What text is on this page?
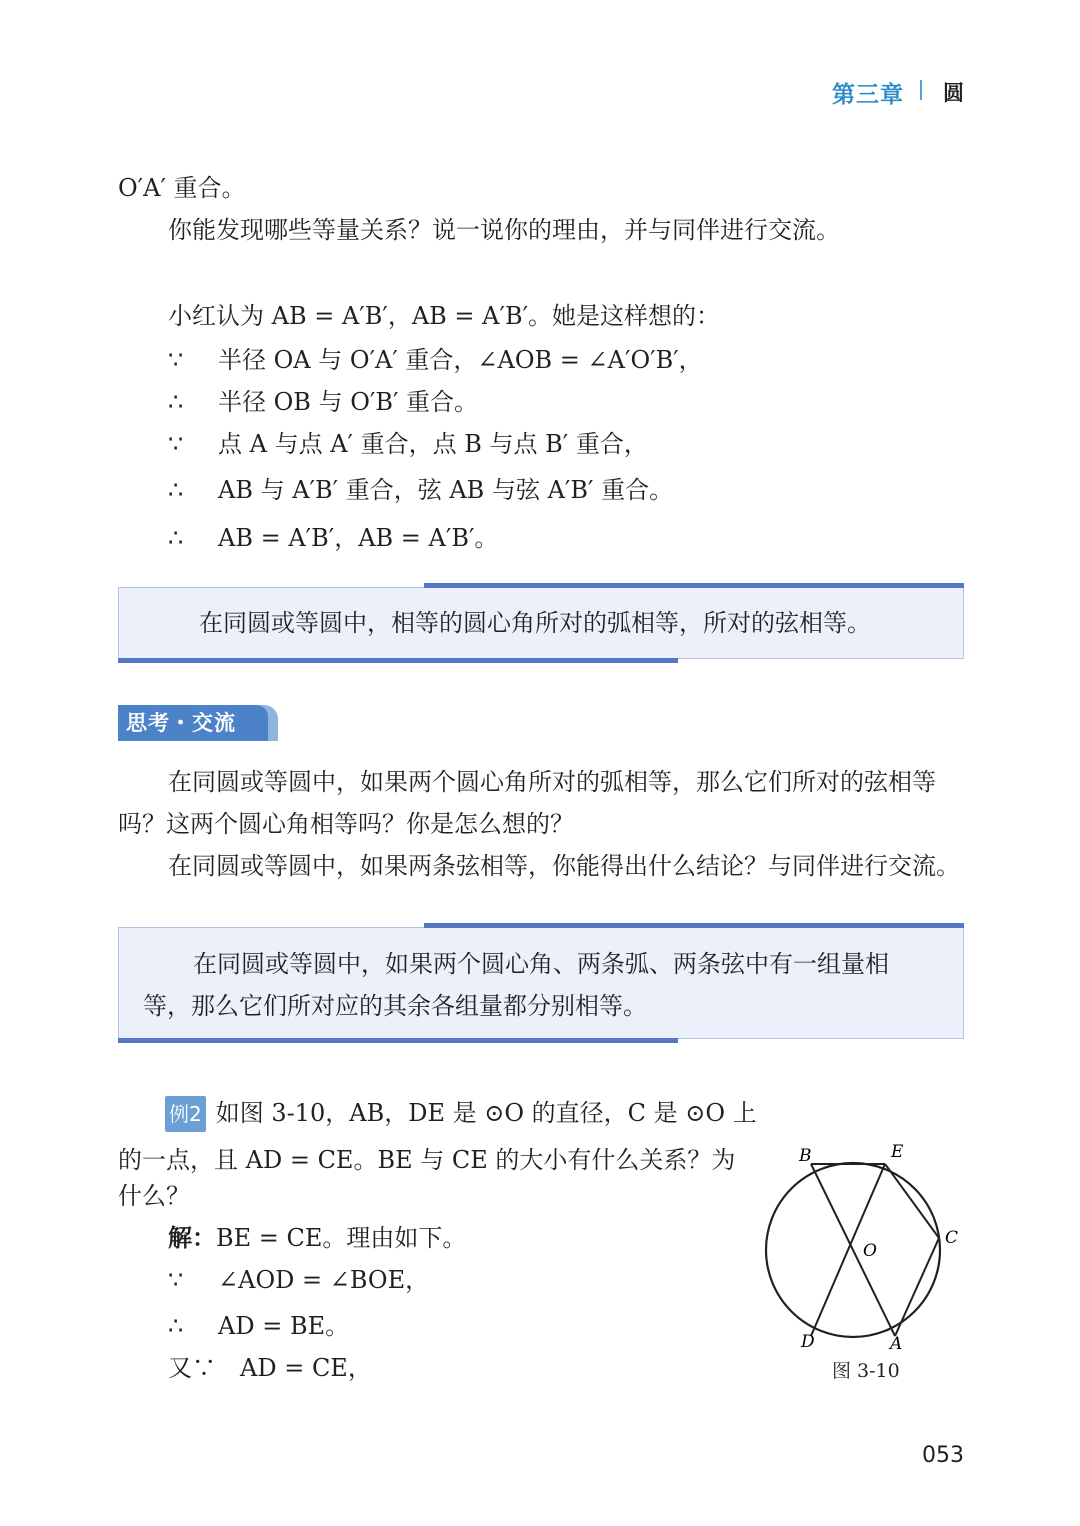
第三章 圆
O′A′ 重合。
你能发现哪些等量关系？说一说你的理由，并与同伴进行交流。
小红认为 AB = A′B′，AB = A′B′。她是这样想的：
∵ 半径 OA 与 O′A′ 重合，∠AOB = ∠A′O′B′，
∴ 半径 OB 与 O′B′ 重合。
∵ 点 A 与点 A′ 重合，点 B 与点 B′ 重合，
∴ AB 与 A′B′ 重合，弦 AB 与弦 A′B′ 重合。
∴ AB = A′B′，AB = A′B′。
在同圆或等圆中，相等的圆心角所对的弧相等，所对的弦相等。
思考・交流
在同圆或等圆中，如果两个圆心角所对的弧相等，那么它们所对的弦相等
吗？这两个圆心角相等吗？你是怎么想的？
在同圆或等圆中，如果两条弦相等，你能得出什么结论？与同伴进行交流。
在同圆或等圆中，如果两个圆心角、两条弧、两条弦中有一组量相
等，那么它们所对应的其余各组量都分别相等。
例2 如图 3-10，AB，DE 是 ⊙O 的直径，C 是 ⊙O 上
的一点，且 AD = CE。BE 与 CE 的大小有什么关系？为
什么？
解：BE = CE。理由如下。
∵ ∠AOD = ∠BOE，
∴ AD = BE。
又∵ AD = CE，
B	E
C
O
D	A
图 3-10
053
